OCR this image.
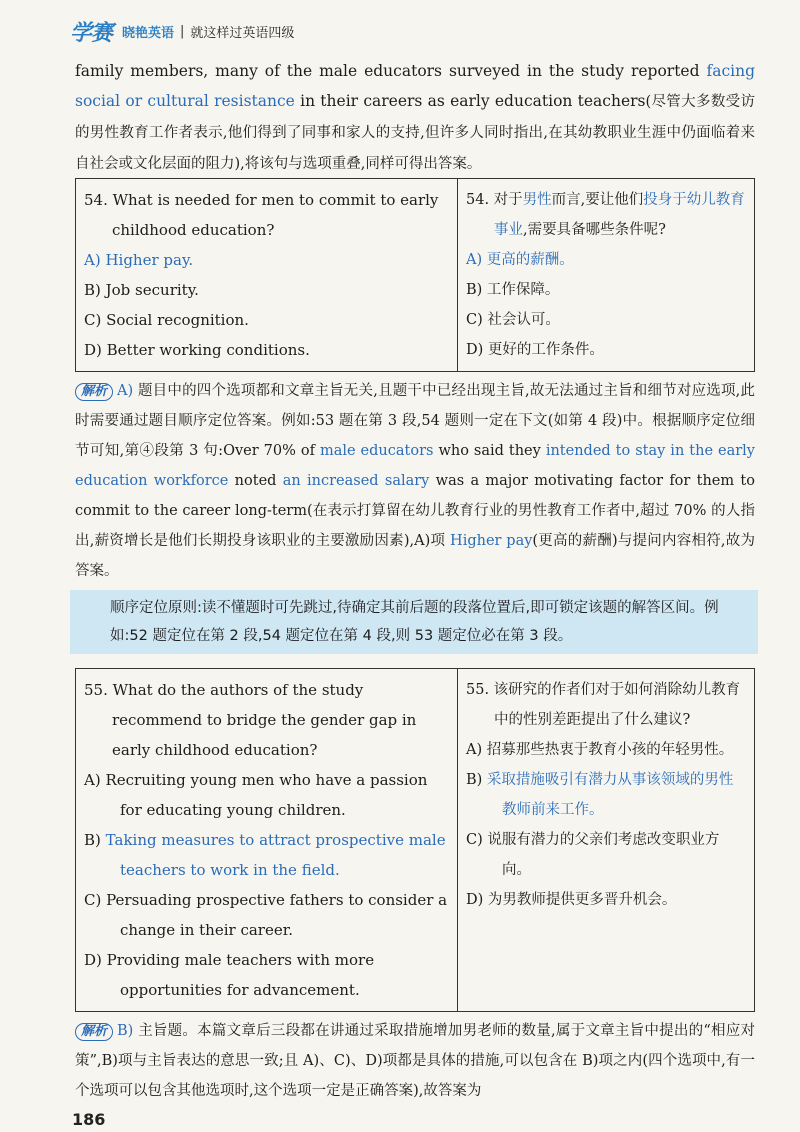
学赛 晓艳英语 | 就这样过英语四级
family members, many of the male educators surveyed in the study reported facing social or cultural resistance in their careers as early education teachers(尽管大多数受访的男性教育工作者表示,他们得到了同事和家人的支持,但许多人同时指出,在其幼教职业生涯中仍面临着来自社会或文化层面的阻力),将该句与选项重叠,同样可得出答案。
54. What is needed for men to commit to early childhood education?
A) Higher pay.
B) Job security.
C) Social recognition.
D) Better working conditions.

54. 对于男性而言,要让他们投身于幼儿教育事业,需要具备哪些条件呢?
A) 更高的薪酬。
B) 工作保障。
C) 社会认可。
D) 更好的工作条件。
解析 A) 题目中的四个选项都和文章主旨无关,且题干中已经出现主旨,故无法通过主旨和细节对应选项,此时需要通过题目顺序定位答案。例如:53 题在第 3 段,54 题则一定在下文(如第 4 段)中。根据顺序定位细节可知,第④段第 3 句:Over 70% of male educators who said they intended to stay in the early education workforce noted an increased salary was a major motivating factor for them to commit to the career long-term(在表示打算留在幼儿教育行业的男性教育工作者中,超过 70% 的人指出,薪资增长是他们长期投身该职业的主要激励因素),A)项 Higher pay(更高的薪酬)与提问内容相符,故为答案。

顺序定位原则:读不懂题时可先跳过,待确定其前后题的段落位置后,即可锁定该题的解答区间。例如:52 题定位在第 2 段,54 题定位在第 4 段,则 53 题定位必在第 3 段。

55. What do the authors of the study recommend to bridge the gender gap in early childhood education?
A) Recruiting young men who have a passion for educating young children.
B) Taking measures to attract prospective male teachers to work in the field.
C) Persuading prospective fathers to consider a change in their career.
D) Providing male teachers with more opportunities for advancement.

55. 该研究的作者们对于如何消除幼儿教育中的性别差距提出了什么建议?
A) 招募那些热衷于教育小孩的年轻男性。
B) 采取措施吸引有潜力从事该领域的男性教师前来工作。
C) 说服有潜力的父亲们考虑改变职业方向。
D) 为男教师提供更多晋升机会。
解析 B) 主旨题。本篇文章后三段都在讲通过采取措施增加男老师的数量,属于文章主旨中提出的“相应对策”,B)项与主旨表达的意思一致;且 A)、C)、D)项都是具体的措施,可以包含在 B)项之内(四个选项中,有一个选项可以包含其他选项时,这个选项一定是正确答案),故答案为
186
